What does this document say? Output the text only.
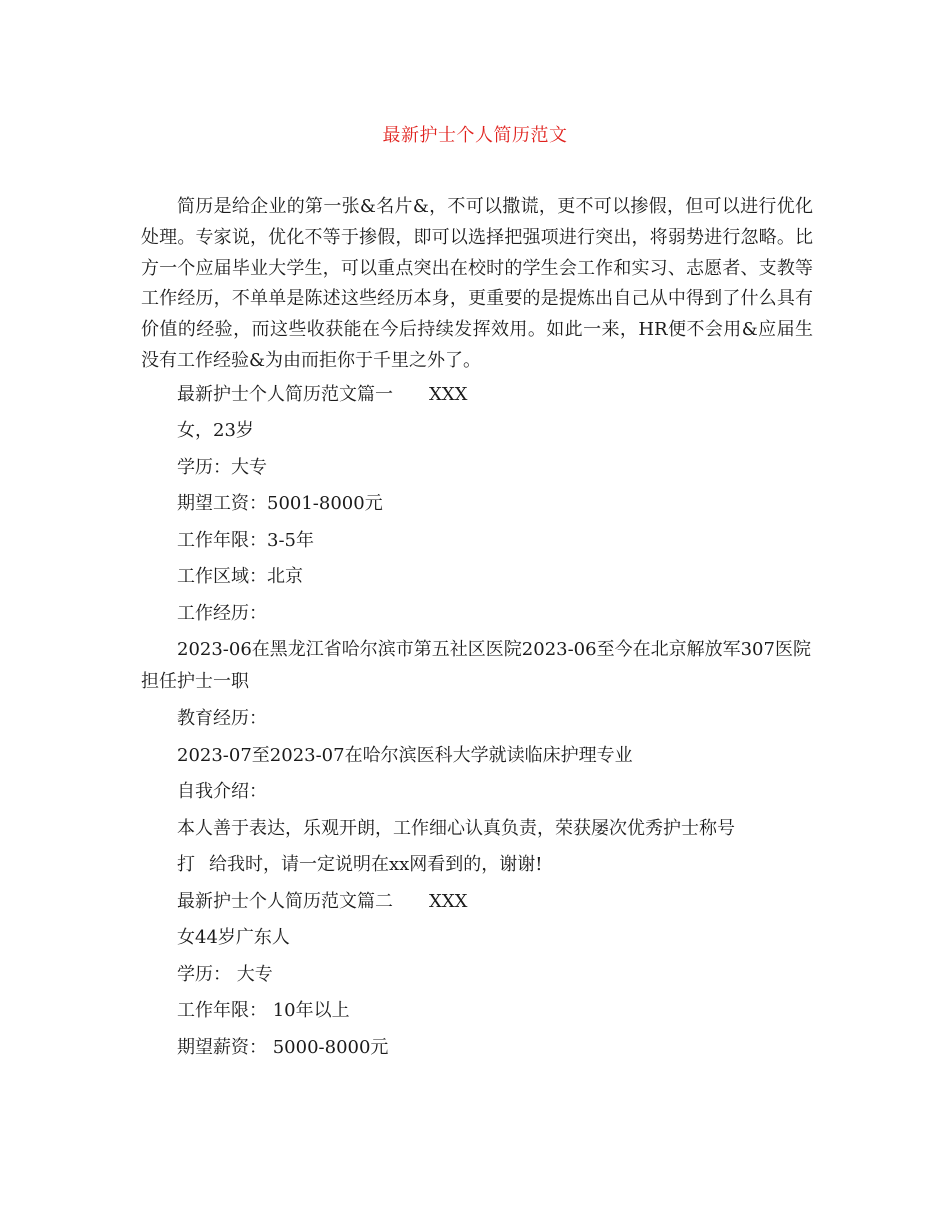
最新护士个人简历范文

简历是给企业的第一张&名片&，不可以撒谎，更不可以掺假，但可以进行优化处理。专家说，优化不等于掺假，即可以选择把强项进行突出，将弱势进行忽略。比方一个应届毕业大学生，可以重点突出在校时的学生会工作和实习、志愿者、支教等工作经历，不单单是陈述这些经历本身，更重要的是提炼出自己从中得到了什么具有价值的经验，而这些收获能在今后持续发挥效用。如此一来，HR便不会用&应届生没有工作经验&为由而拒你于千里之外了。

最新护士个人简历范文篇一 XXX

女，23岁

学历：大专

期望工资：5001-8000元

工作年限：3-5年

工作区域：北京

工作经历：

2023-06在黑龙江省哈尔滨市第五社区医院2023-06至今在北京解放军307医院担任护士一职

教育经历：

2023-07至2023-07在哈尔滨医科大学就读临床护理专业

自我介绍：

本人善于表达，乐观开朗，工作细心认真负责，荣获屡次优秀护士称号

打 给我时，请一定说明在xx网看到的，谢谢!

最新护士个人简历范文篇二 XXX

女44岁广东人

学历： 大专

工作年限： 10年以上

期望薪资： 5000-8000元
